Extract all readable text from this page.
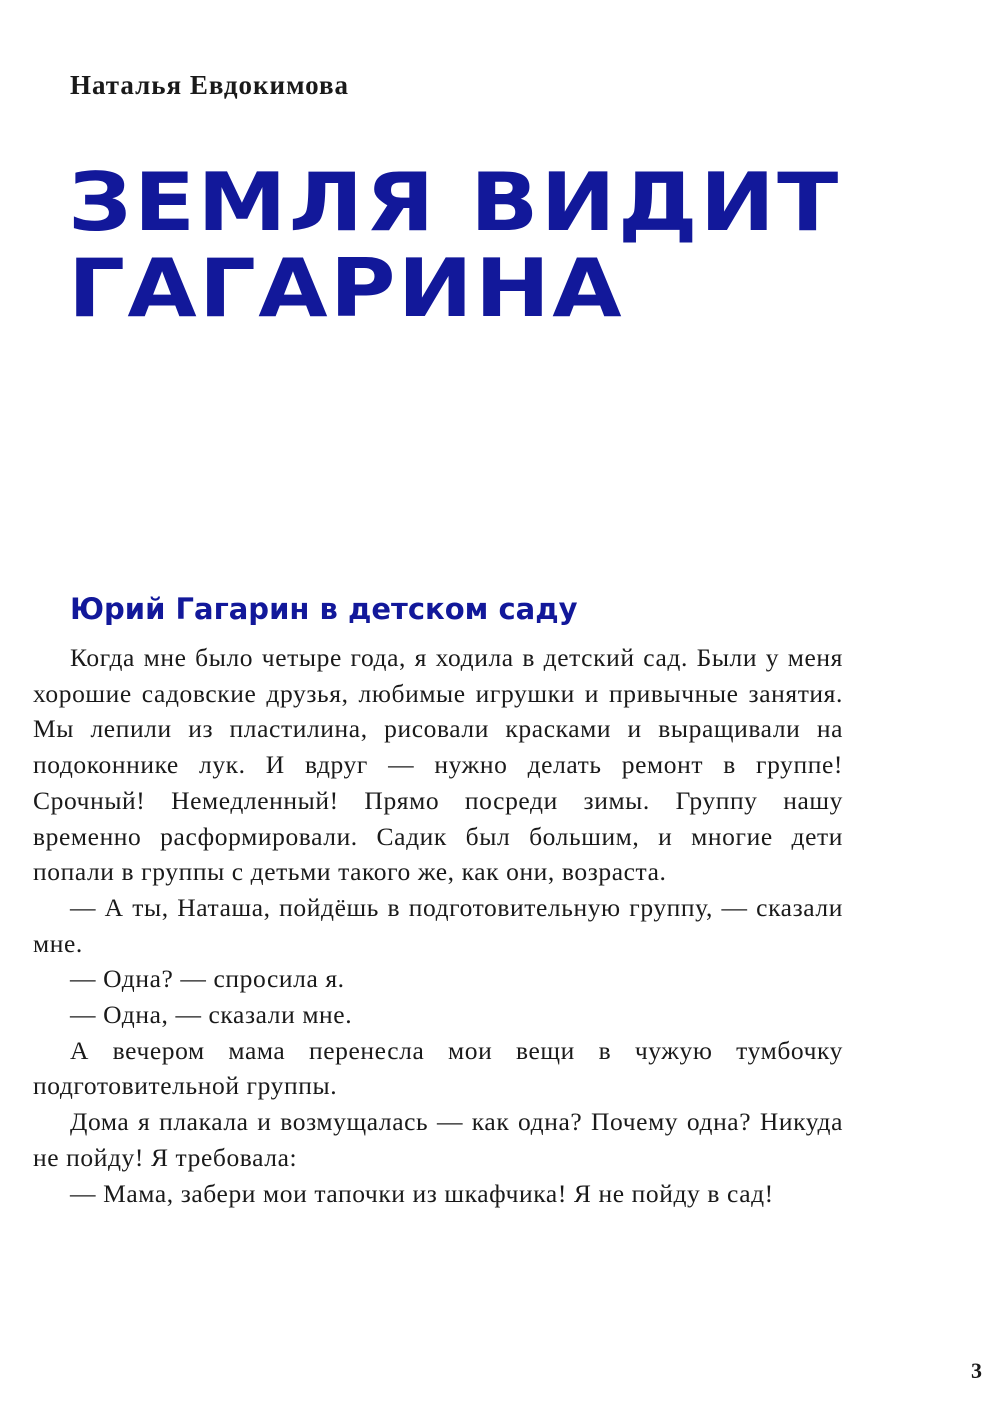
Наталья Евдокимова

ЗЕМЛЯ ВИДИТ
ГАГАРИНА
Юрий Гагарин в детском саду

Когда мне было четыре года, я ходила в детский сад. Были у меня хорошие садовские друзья, любимые игрушки и привычные занятия. Мы лепили из пластилина, рисовали красками и выращивали на подоконнике лук. И вдруг — нужно делать ремонт в группе! Срочный! Немедленный! Прямо посреди зимы. Группу нашу временно расформировали. Садик был большим, и многие дети попали в группы с детьми такого же, как они, возраста.

— А ты, Наташа, пойдёшь в подготовительную группу, — сказали мне.

— Одна? — спросила я.

— Одна, — сказали мне.

А вечером мама перенесла мои вещи в чужую тумбочку подготовительной группы.

Дома я плакала и возмущалась — как одна? Почему одна? Никуда не пойду! Я требовала:

— Мама, забери мои тапочки из шкафчика! Я не пойду в сад!

3
